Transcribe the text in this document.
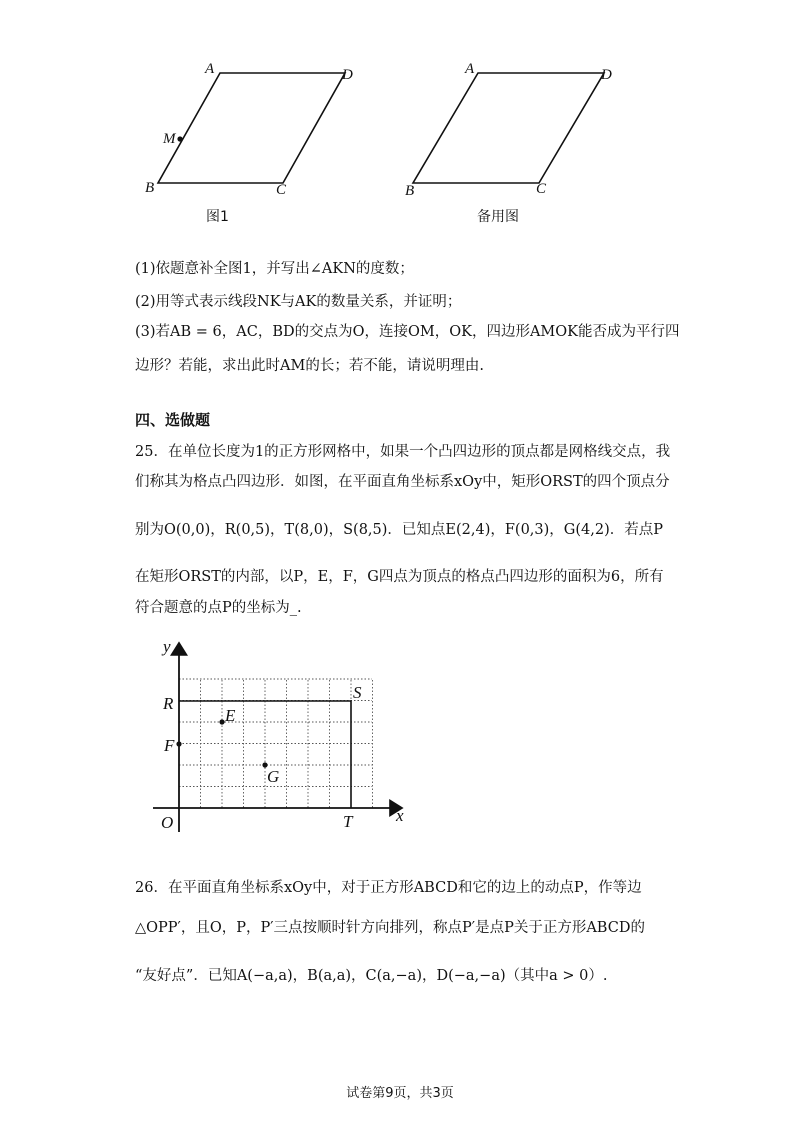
A	D
B	C
M
图1
A	D
B	C
备用图
(1)依题意补全图1，并写出∠AKN的度数；
(2)用等式表示线段NK与AK的数量关系，并证明；
(3)若AB = 6，AC，BD的交点为O，连接OM，OK，四边形AMOK能否成为平行四
边形？若能，求出此时AM的长；若不能，请说明理由.
四、选做题
25．在单位长度为1的正方形网格中，如果一个凸四边形的顶点都是网格线交点，我
们称其为格点凸四边形．如图，在平面直角坐标系xOy中，矩形ORST的四个顶点分
别为O(0,0)，R(0,5)，T(8,0)，S(8,5)．已知点E(2,4)，F(0,3)，G(4,2)．若点P
在矩形ORST的内部，以P，E，F，G四点为顶点的格点凸四边形的面积为6，所有
符合题意的点P的坐标为_.
y
x
O
R
S
T
F
E
G
26．在平面直角坐标系xOy中，对于正方形ABCD和它的边上的动点P，作等边
△OPP′，且O，P，P′三点按顺时针方向排列，称点P′是点P关于正方形ABCD的
“友好点”．已知A(−a,a)，B(a,a)，C(a,−a)，D(−a,−a)（其中a > 0）.
试卷第9页，共3页
